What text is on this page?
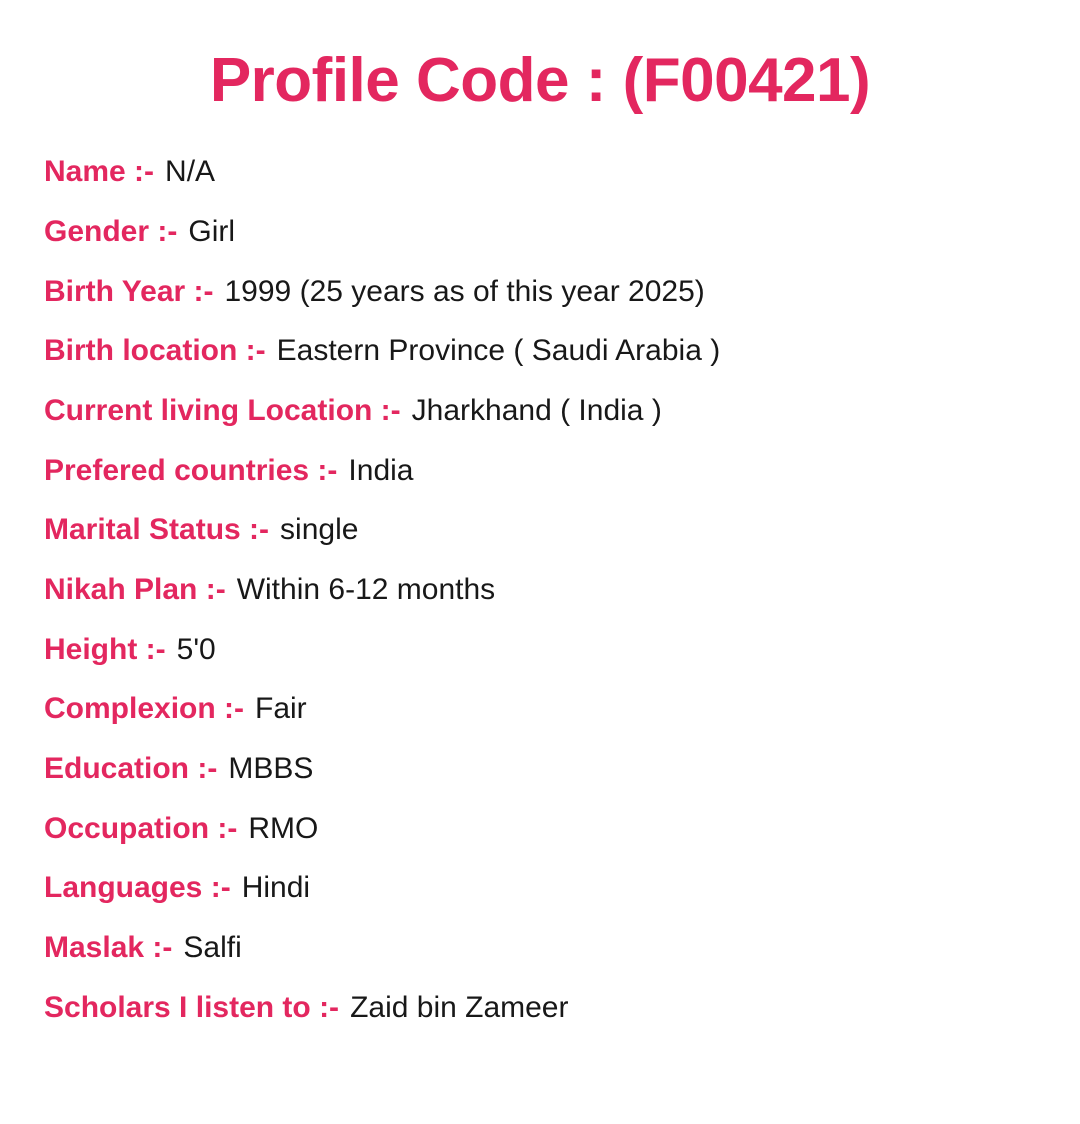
Profile Code : (F00421)
Name :- N/A
Gender :- Girl
Birth Year :- 1999 (25 years as of this year 2025)
Birth location :- Eastern Province ( Saudi Arabia )
Current living Location :- Jharkhand ( India )
Prefered countries :- India
Marital Status :- single
Nikah Plan :- Within 6-12 months
Height :- 5'0
Complexion :- Fair
Education :- MBBS
Occupation :- RMO
Languages :- Hindi
Maslak :- Salfi
Scholars I listen to :- Zaid bin Zameer
